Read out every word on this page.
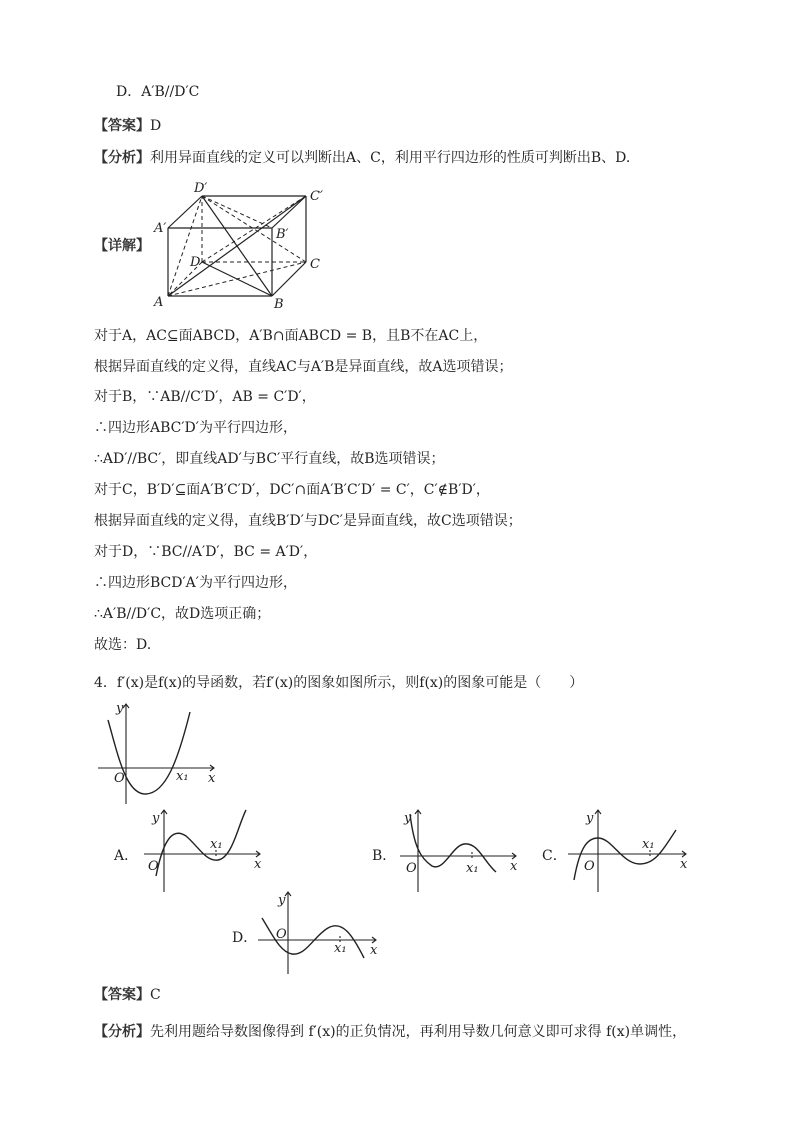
D．A′B//D′C
【答案】D
【分析】利用异面直线的定义可以判断出A、C，利用平行四边形的性质可判断出B、D.
【详解】
A′
D′
C′
B′
D	C
A	B
对于A，AC⊆面ABCD，A′B∩面ABCD = B，且B不在AC上，
根据异面直线的定义得，直线AC与A′B是异面直线，故A选项错误；
对于B，∵AB//C′D′，AB = C′D′，
∴四边形ABC′D′为平行四边形，
∴AD′//BC′，即直线AD′与BC′平行直线，故B选项错误；
对于C，B′D′⊆面A′B′C′D′，DC′∩面A′B′C′D′ = C′，C′∉B′D′，
根据异面直线的定义得，直线B′D′与DC′是异面直线，故C选项错误；
对于D，∵BC//A′D′，BC = A′D′，
∴四边形BCD′A′为平行四边形，
∴A′B//D′C，故D选项正确；
故选：D.
4．f′(x)是f(x)的导函数，若f′(x)的图象如图所示，则f(x)的图象可能是（　　）
y
x
O	x₁
A．
y
x
O
x₁
B．
y
x
O	x₁
C．
y
x
O
x₁
D．
y
x
O
x₁
【答案】C
【分析】先利用题给导数图像得到 f′(x)的正负情况，再利用导数几何意义即可求得 f(x)单调性，
